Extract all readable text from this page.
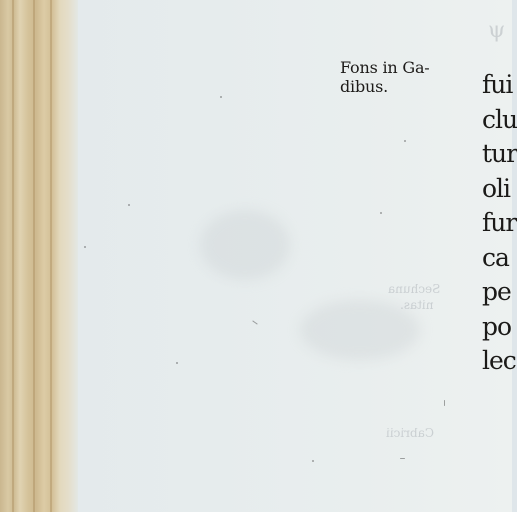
Sechuna
nitas.
Cabricii
ψ
Fons in Ga-
dibus.	fui
clu
tur
oli
fur
ca
pe
po
lec
